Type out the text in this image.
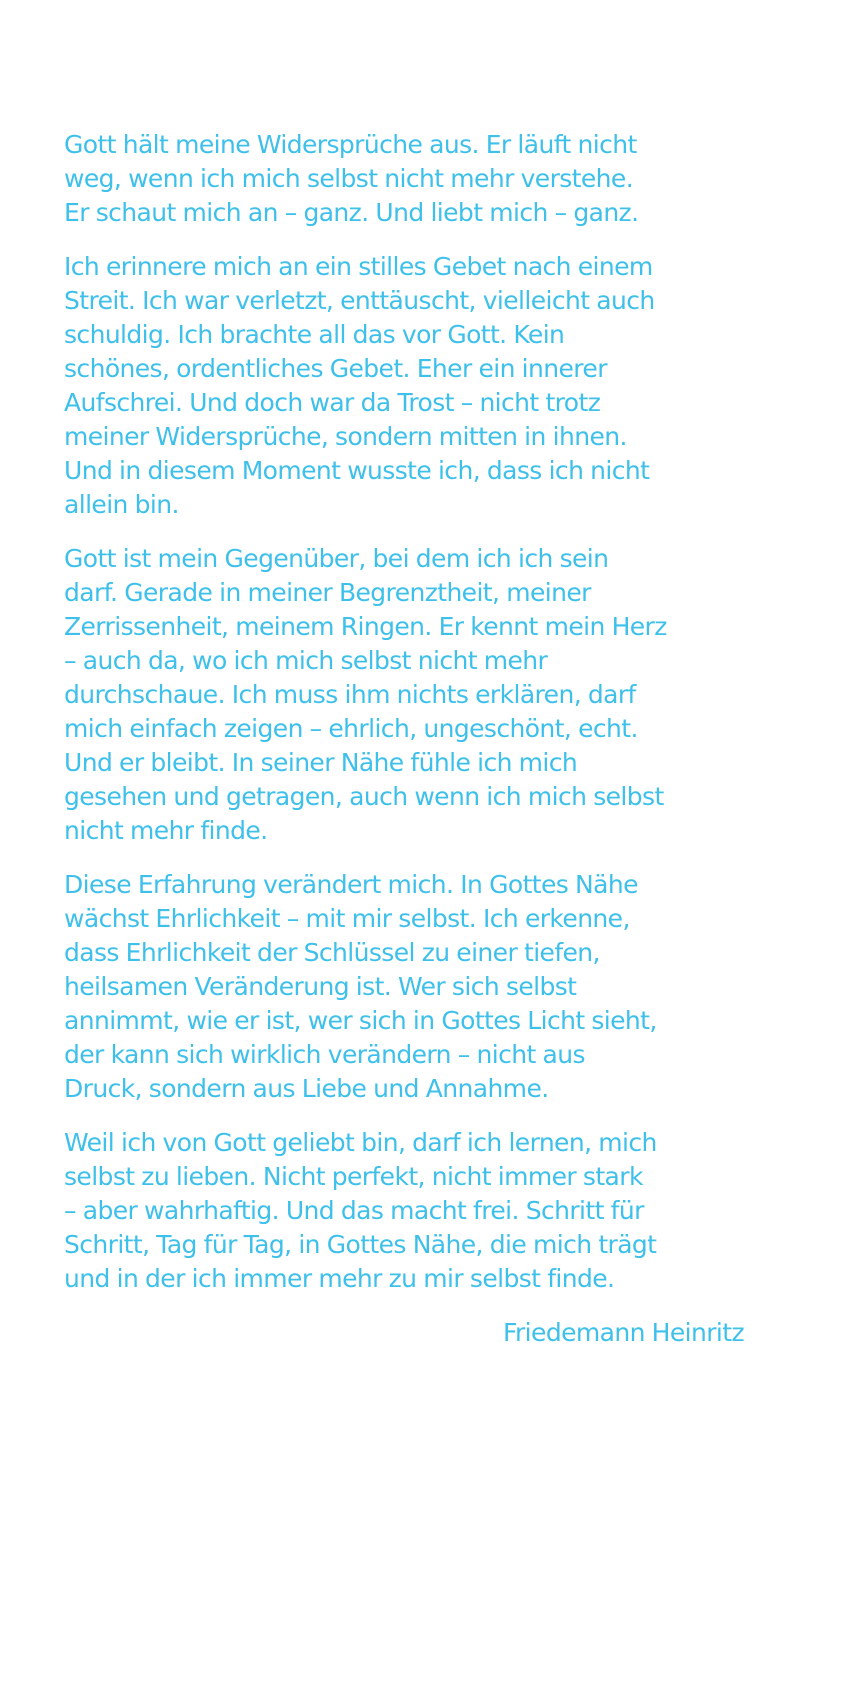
Gott hält meine Widersprüche aus. Er läuft nicht
weg, wenn ich mich selbst nicht mehr verstehe.
Er schaut mich an – ganz. Und liebt mich – ganz.

Ich erinnere mich an ein stilles Gebet nach einem
Streit. Ich war verletzt, enttäuscht, vielleicht auch
schuldig. Ich brachte all das vor Gott. Kein
schönes, ordentliches Gebet. Eher ein innerer
Aufschrei. Und doch war da Trost – nicht trotz
meiner Widersprüche, sondern mitten in ihnen.
Und in diesem Moment wusste ich, dass ich nicht
allein bin.

Gott ist mein Gegenüber, bei dem ich ich sein
darf. Gerade in meiner Begrenztheit, meiner
Zerrissenheit, meinem Ringen. Er kennt mein Herz
– auch da, wo ich mich selbst nicht mehr
durchschaue. Ich muss ihm nichts erklären, darf
mich einfach zeigen – ehrlich, ungeschönt, echt.
Und er bleibt. In seiner Nähe fühle ich mich
gesehen und getragen, auch wenn ich mich selbst
nicht mehr finde.

Diese Erfahrung verändert mich. In Gottes Nähe
wächst Ehrlichkeit – mit mir selbst. Ich erkenne,
dass Ehrlichkeit der Schlüssel zu einer tiefen,
heilsamen Veränderung ist. Wer sich selbst
annimmt, wie er ist, wer sich in Gottes Licht sieht,
der kann sich wirklich verändern – nicht aus
Druck, sondern aus Liebe und Annahme.

Weil ich von Gott geliebt bin, darf ich lernen, mich
selbst zu lieben. Nicht perfekt, nicht immer stark
– aber wahrhaftig. Und das macht frei. Schritt für
Schritt, Tag für Tag, in Gottes Nähe, die mich trägt
und in der ich immer mehr zu mir selbst finde.

Friedemann Heinritz
